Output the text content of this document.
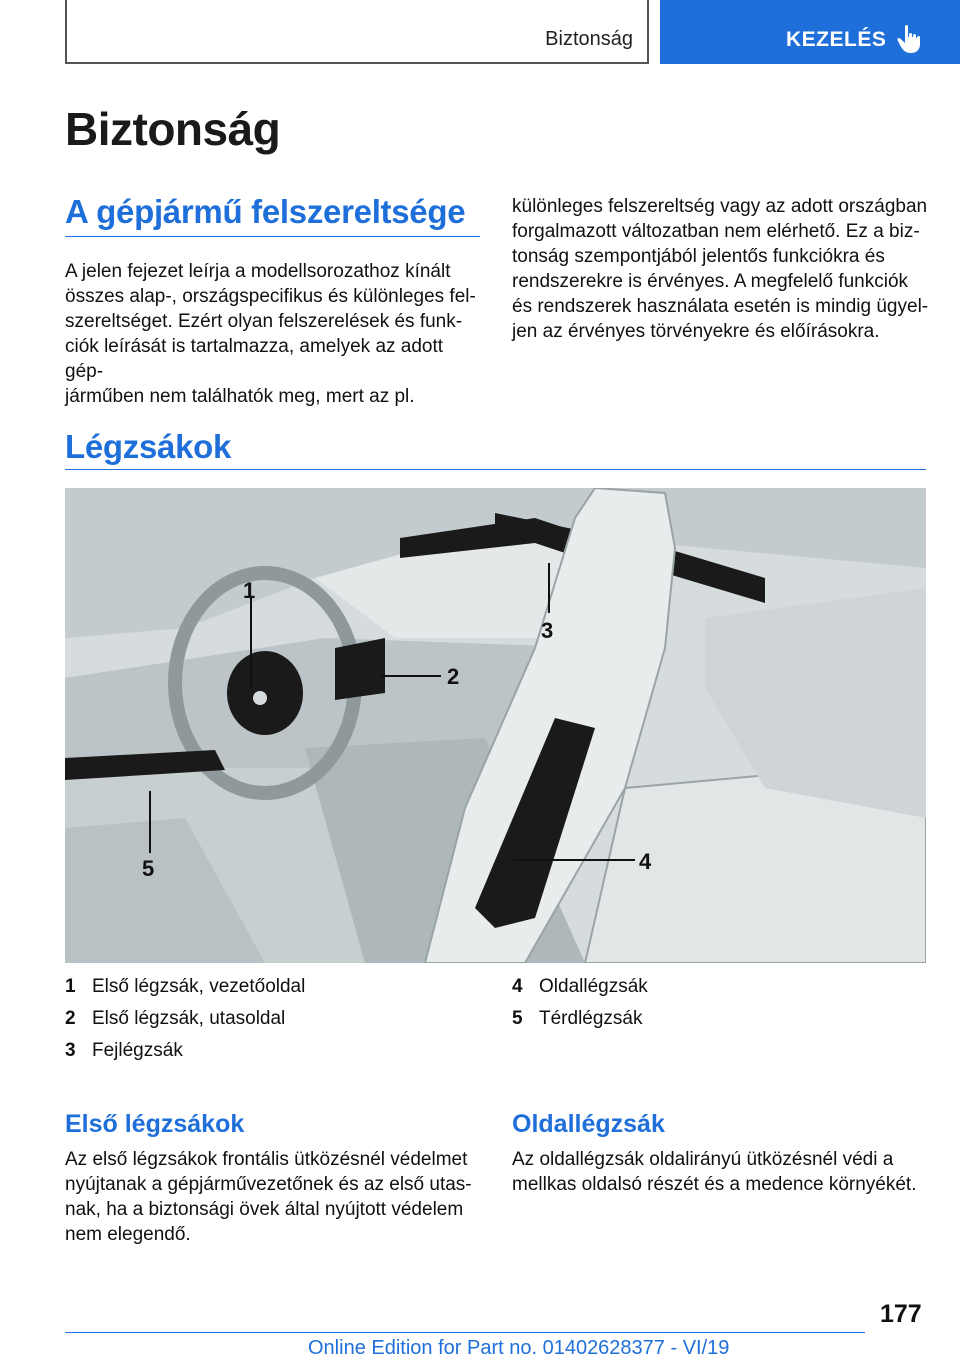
Biztonság	KEZELÉS
Biztonság
A gépjármű felszereltsége
A jelen fejezet leírja a modellsorozathoz kínált
összes alap-, országspecifikus és különleges fel-
szereltséget. Ezért olyan felszerelések és funk-
ciók leírását is tartalmazza, amelyek az adott gép-
járműben nem találhatók meg, mert az pl.
különleges felszereltség vagy az adott országban
forgalmazott változatban nem elérhető. Ez a biz-
tonság szempontjából jelentős funkciókra és
rendszerekre is érvényes. A megfelelő funkciók
és rendszerek használata esetén is mindig ügyel-
jen az érvényes törvényekre és előírásokra.
Légzsákok
1
2
3
4
5
1 Első légzsák, vezetőoldal
2 Első légzsák, utasoldal
3 Fejlégzsák
4 Oldallégzsák
5 Térdlégzsák
Első légzsákok
Az első légzsákok frontális ütközésnél védelmet
nyújtanak a gépjárművezetőnek és az első utas-
nak, ha a biztonsági övek által nyújtott védelem
nem elegendő.
Oldallégzsák
Az oldallégzsák oldalirányú ütközésnél védi a
mellkas oldalsó részét és a medence környékét.
177
Online Edition for Part no. 01402628377 - VI/19
